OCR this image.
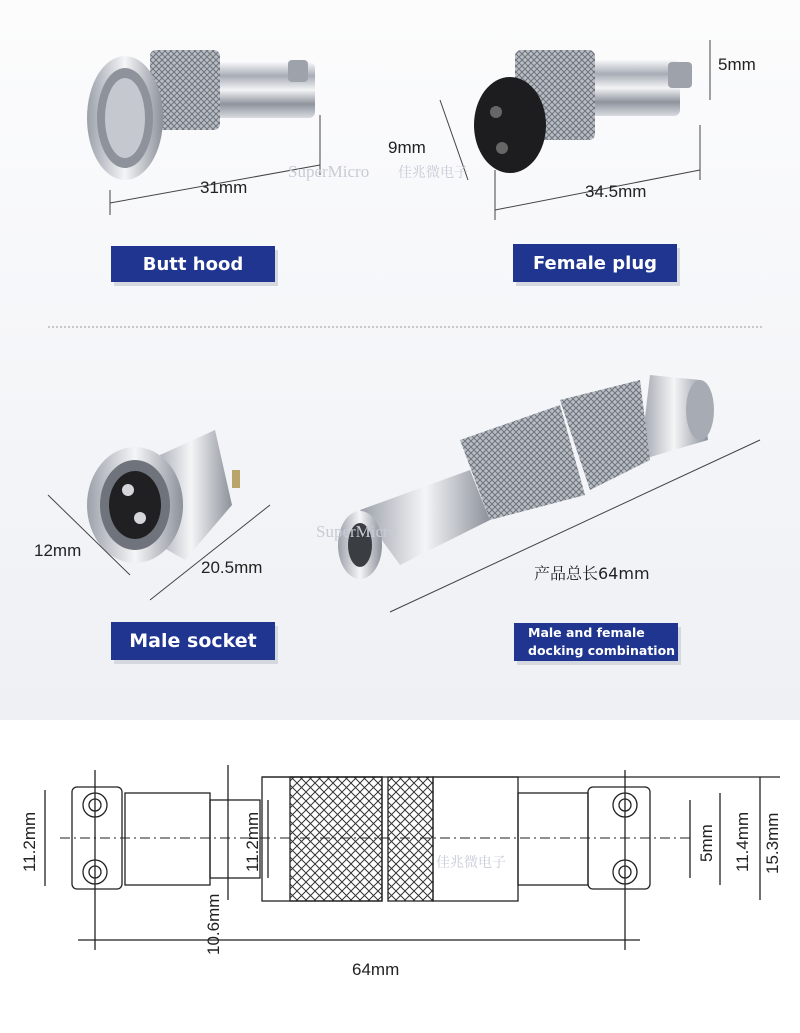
SuperMicro 佳兆微电子
SuperMicro
佳兆微电子
Butt hood	Female plug
Male socket	Male and female
docking combination
31mm
5mm
9mm
34.5mm
12mm
20.5mm	产品总长64mm
11.2mm	11.2mm
10.6mm
64mm
5mm 11.4mm 15.3mm
